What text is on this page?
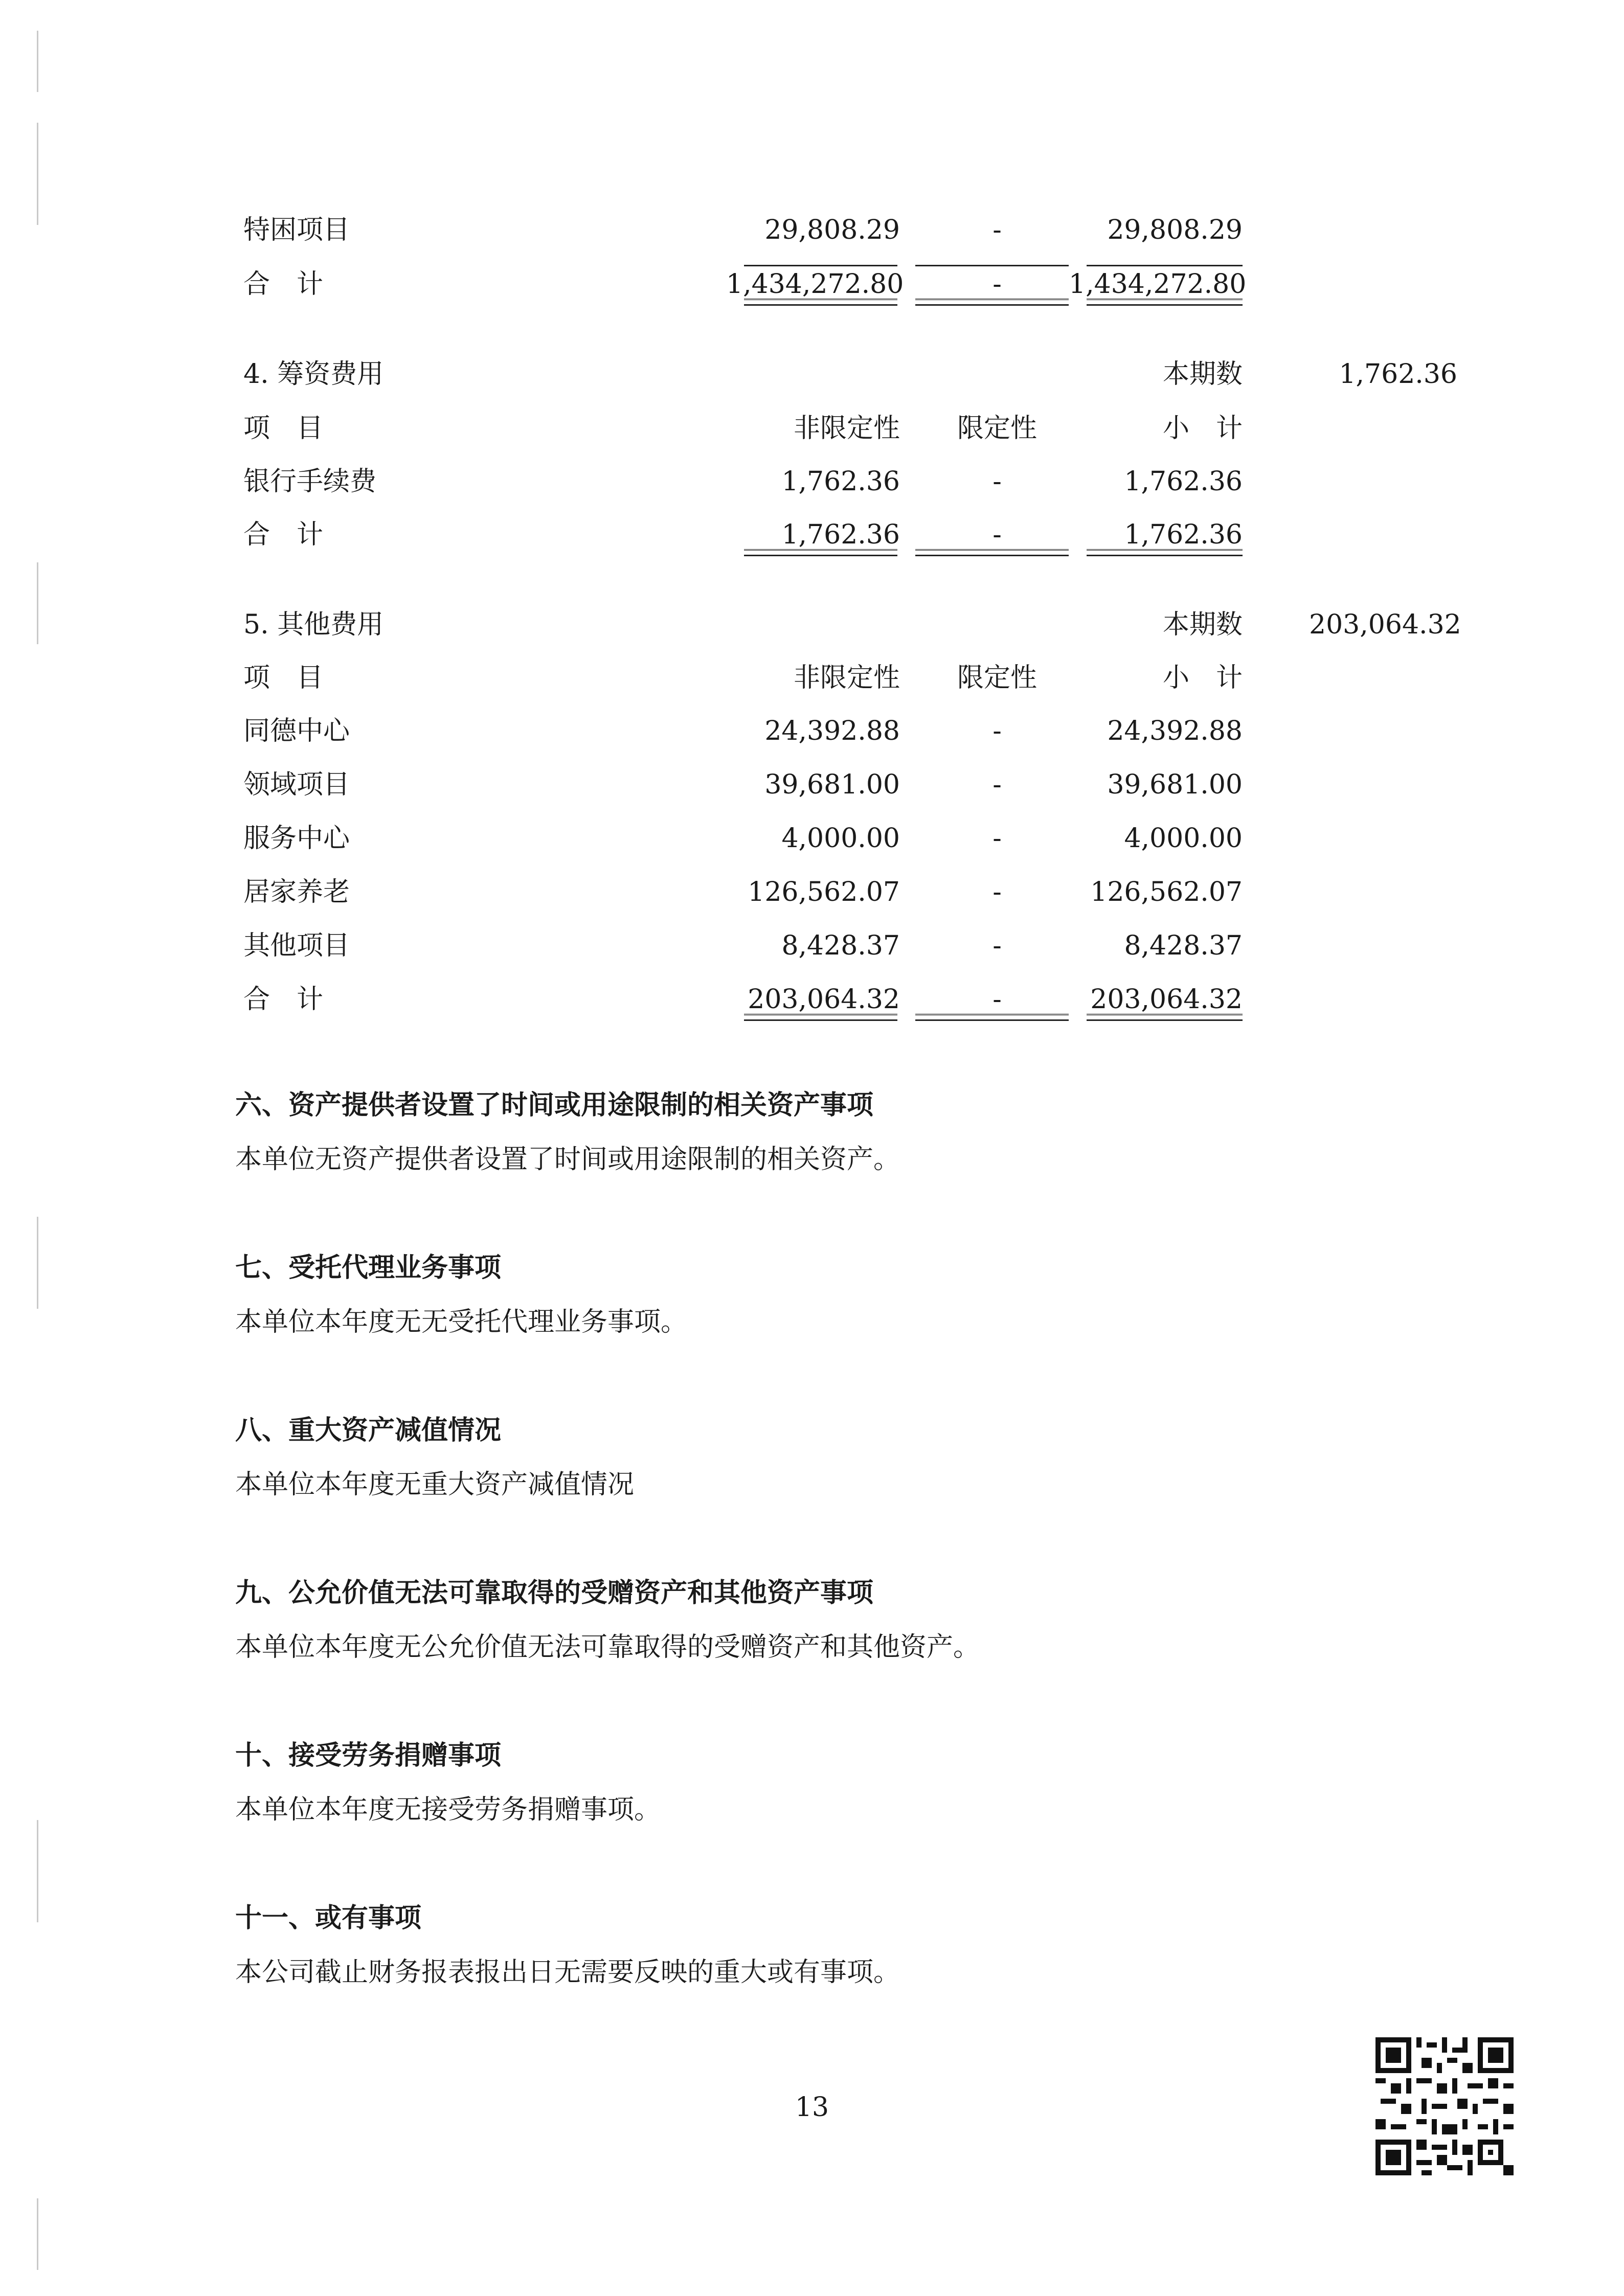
特困项目	29,808.29	-	29,808.29
合　计	1,434,272.80	-	1,434,272.80
4. 筹资费用	本期数	1,762.36
项　目	非限定性	限定性	小　计
银行手续费	1,762.36	-	1,762.36
合　计	1,762.36	-	1,762.36
5. 其他费用	本期数	203,064.32
项　目	非限定性	限定性	小　计
同德中心	24,392.88	-	24,392.88
领域项目	39,681.00	-	39,681.00
服务中心	4,000.00	-	4,000.00
居家养老	126,562.07	-	126,562.07
其他项目	8,428.37	-	8,428.37
合　计	203,064.32	-	203,064.32
六、资产提供者设置了时间或用途限制的相关资产事项
本单位无资产提供者设置了时间或用途限制的相关资产。
七、受托代理业务事项
本单位本年度无无受托代理业务事项。
八、重大资产减值情况
本单位本年度无重大资产减值情况
九、公允价值无法可靠取得的受赠资产和其他资产事项
本单位本年度无公允价值无法可靠取得的受赠资产和其他资产。
十、接受劳务捐赠事项
本单位本年度无接受劳务捐赠事项。
十一、或有事项
本公司截止财务报表报出日无需要反映的重大或有事项。
13
